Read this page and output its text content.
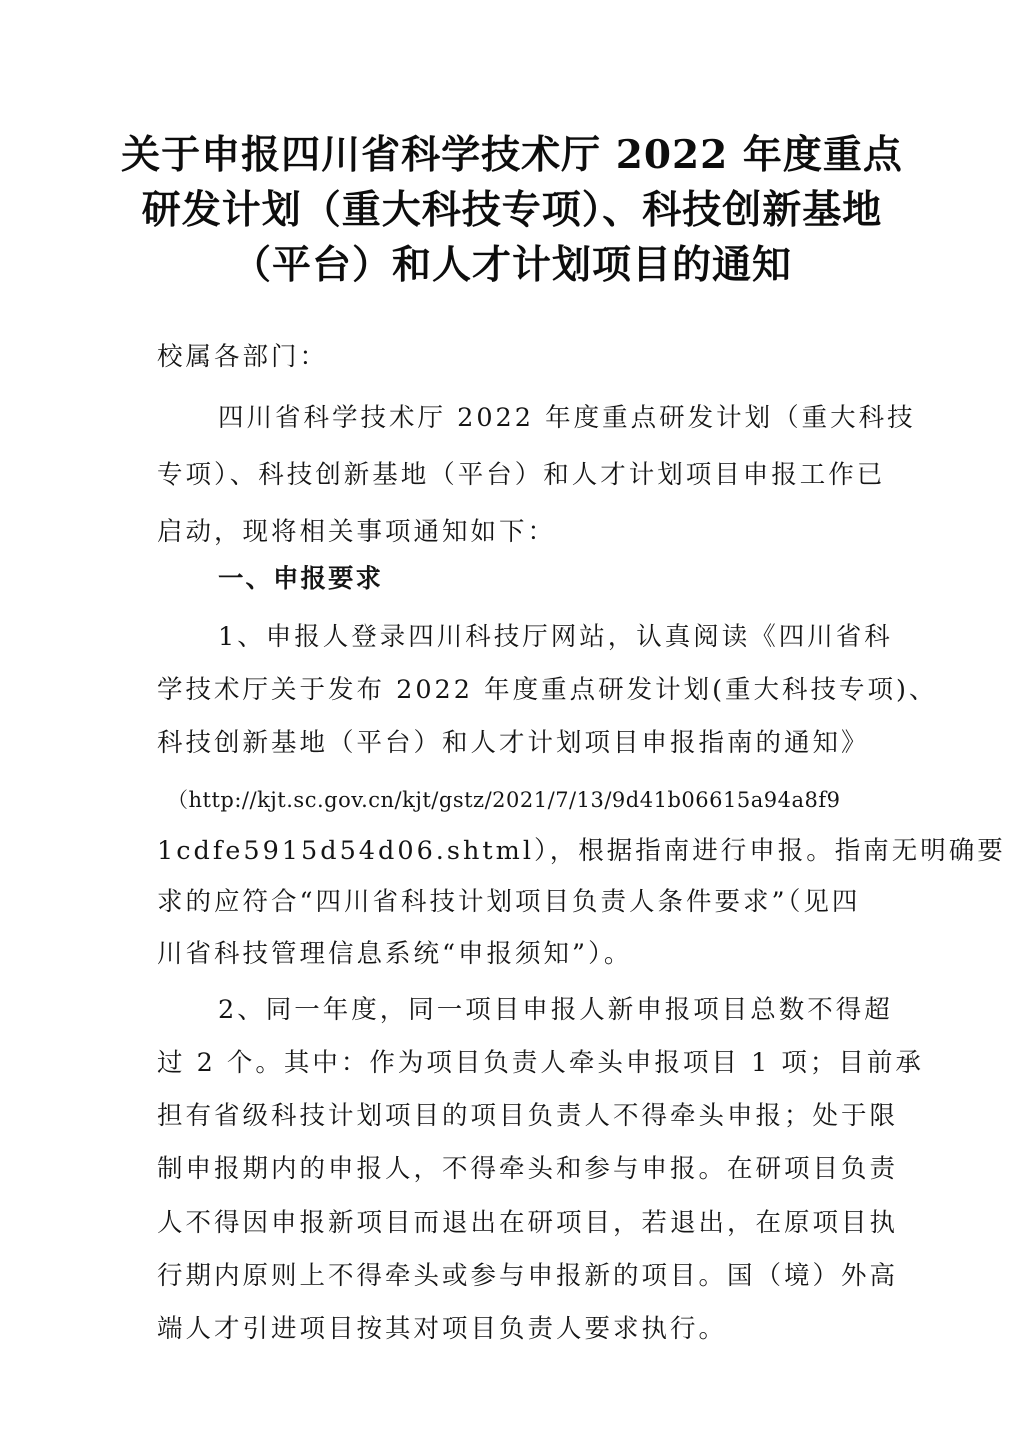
关于申报四川省科学技术厅 2022 年度重点
研发计划（重大科技专项）、科技创新基地
（平台）和人才计划项目的通知
校属各部门：
四川省科学技术厅 2022 年度重点研发计划（重大科技
专项）、科技创新基地（平台）和人才计划项目申报工作已
启动，现将相关事项通知如下：
一、申报要求
1、申报人登录四川科技厅网站，认真阅读《四川省科
学技术厅关于发布 2022 年度重点研发计划(重大科技专项)、
科技创新基地（平台）和人才计划项目申报指南的通知》
（http://kjt.sc.gov.cn/kjt/gstz/2021/7/13/9d41b06615a94a8f9
1cdfe5915d54d06.shtml），根据指南进行申报。指南无明确要
求的应符合“四川省科技计划项目负责人条件要求”（见四
川省科技管理信息系统“申报须知”）。
2、同一年度，同一项目申报人新申报项目总数不得超
过 2 个。其中：作为项目负责人牵头申报项目 1 项；目前承
担有省级科技计划项目的项目负责人不得牵头申报；处于限
制申报期内的申报人，不得牵头和参与申报。在研项目负责
人不得因申报新项目而退出在研项目，若退出，在原项目执
行期内原则上不得牵头或参与申报新的项目。国（境）外高
端人才引进项目按其对项目负责人要求执行。
